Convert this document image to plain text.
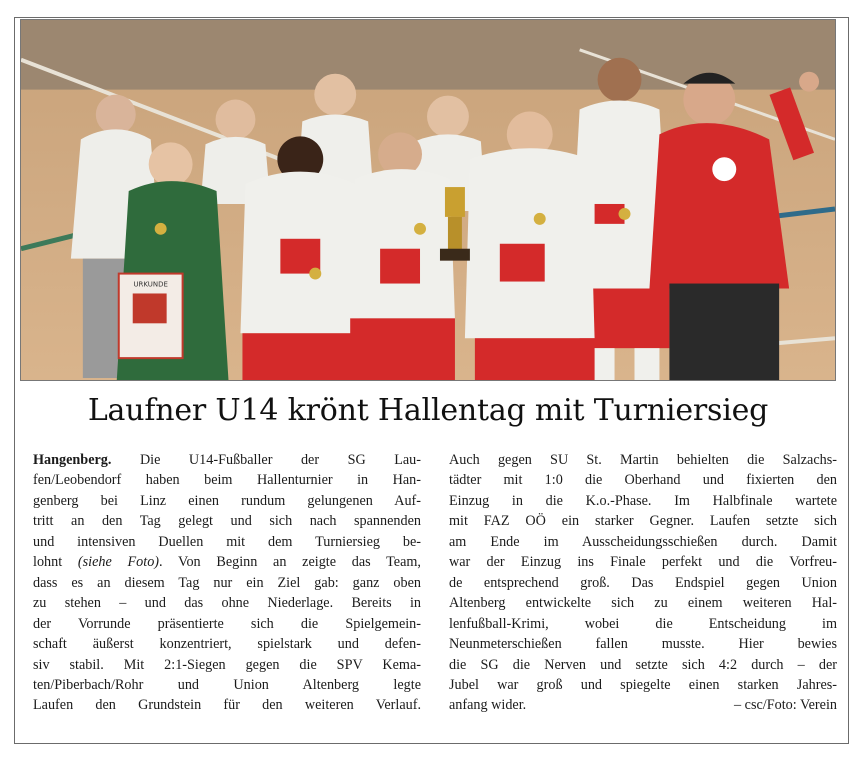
URKUNDE
Laufner U14 krönt Hallentag mit Turniersieg
Hangenberg. Die U14-Fußballer der SG Lau-
fen/Leobendorf haben beim Hallenturnier in Han-
genberg bei Linz einen rundum gelungenen Auf-
tritt an den Tag gelegt und sich nach spannenden
und intensiven Duellen mit dem Turniersieg be-
lohnt (siehe Foto). Von Beginn an zeigte das Team,
dass es an diesem Tag nur ein Ziel gab: ganz oben
zu stehen – und das ohne Niederlage. Bereits in
der Vorrunde präsentierte sich die Spielgemein-
schaft äußerst konzentriert, spielstark und defen-
siv stabil. Mit 2:1-Siegen gegen die SPV Kema-
ten/Piberbach/Rohr und Union Altenberg legte
Laufen den Grundstein für den weiteren Verlauf.
Auch gegen SU St. Martin behielten die Salzachs-
tädter mit 1:0 die Oberhand und fixierten den
Einzug in die K.o.-Phase. Im Halbfinale wartete
mit FAZ OÖ ein starker Gegner. Laufen setzte sich
am Ende im Ausscheidungsschießen durch. Damit
war der Einzug ins Finale perfekt und die Vorfreu-
de entsprechend groß. Das Endspiel gegen Union
Altenberg entwickelte sich zu einem weiteren Hal-
lenfußball-Krimi, wobei die Entscheidung im
Neunmeterschießen fallen musste. Hier bewies
die SG die Nerven und setzte sich 4:2 durch – der
Jubel war groß und spiegelte einen starken Jahres-
anfang wider.	– csc/Foto: Verein
